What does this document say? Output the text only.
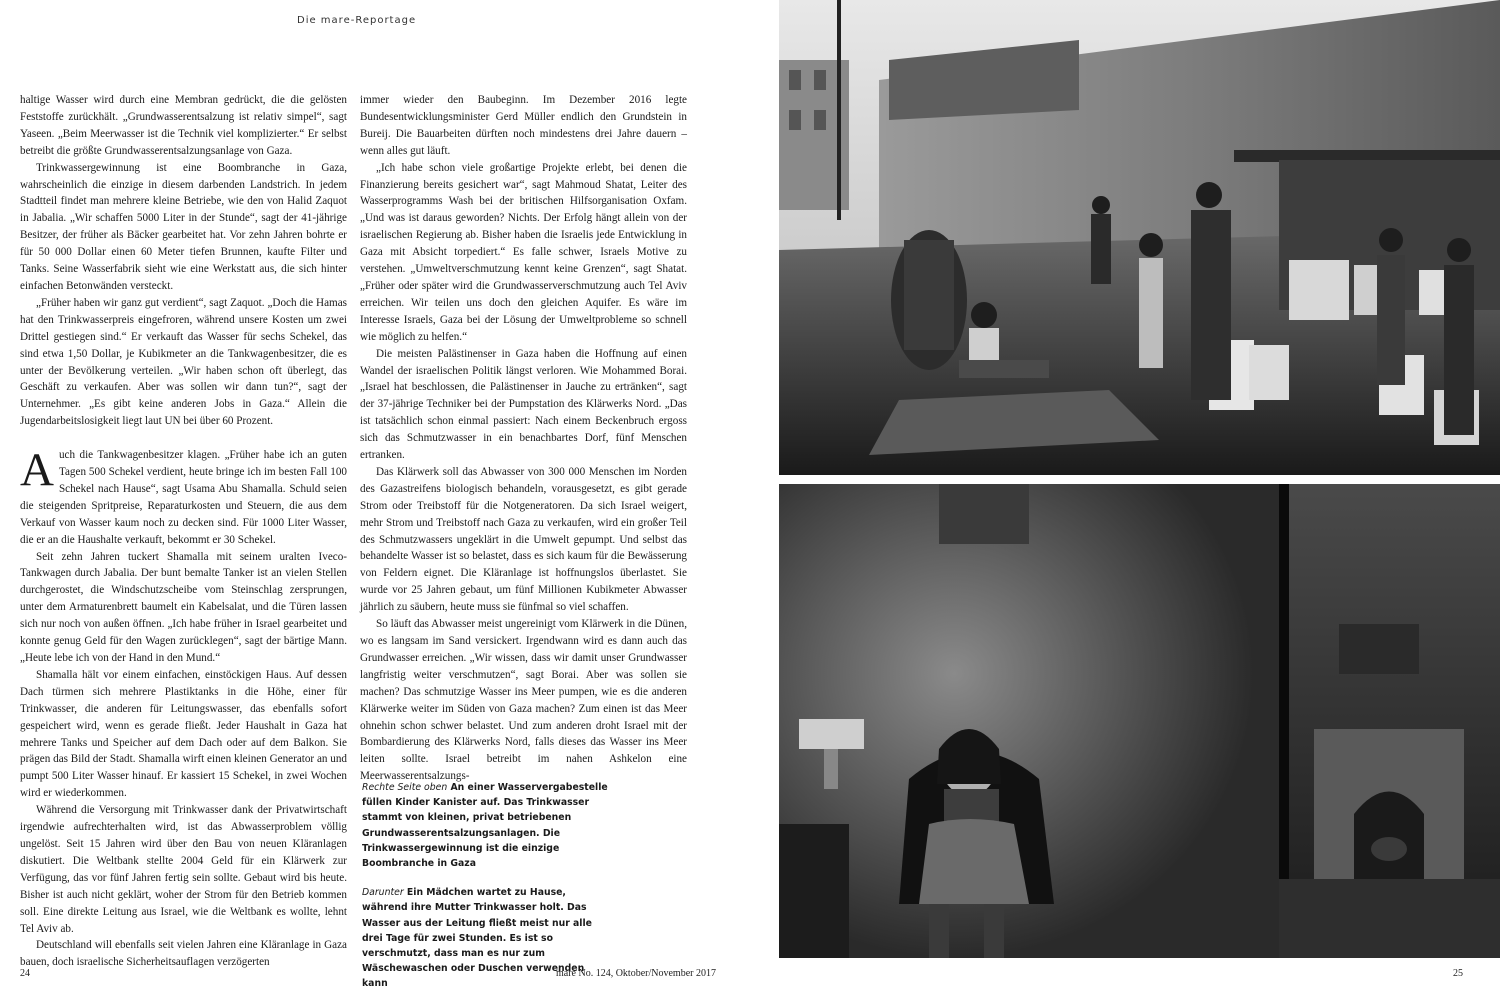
Die mare-Reportage

haltige Wasser wird durch eine Membran gedrückt, die die gelösten Feststoffe zurückhält. „Grundwasserentsalzung ist relativ simpel“, sagt Yaseen. „Beim Meerwasser ist die Technik viel komplizierter.“ Er selbst betreibt die größte Grundwasserentsalzungsanlage von Gaza.

Trinkwassergewinnung ist eine Boombranche in Gaza, wahrscheinlich die einzige in diesem darbenden Landstrich. In jedem Stadtteil findet man mehrere kleine Betriebe, wie den von Halid Zaquot in Jabalia. „Wir schaffen 5000 Liter in der Stunde“, sagt der 41-jährige Besitzer, der früher als Bäcker gearbeitet hat. Vor zehn Jahren bohrte er für 50 000 Dollar einen 60 Meter tiefen Brunnen, kaufte Filter und Tanks. Seine Wasserfabrik sieht wie eine Werkstatt aus, die sich hinter einfachen Betonwänden versteckt.

„Früher haben wir ganz gut verdient“, sagt Zaquot. „Doch die Hamas hat den Trinkwasserpreis eingefroren, während unsere Kosten um zwei Drittel gestiegen sind.“ Er verkauft das Wasser für sechs Schekel, das sind etwa 1,50 Dollar, je Kubikmeter an die Tankwagenbesitzer, die es unter der Bevölkerung verteilen. „Wir haben schon oft überlegt, das Geschäft zu verkaufen. Aber was sollen wir dann tun?“, sagt der Unternehmer. „Es gibt keine anderen Jobs in Gaza.“ Allein die Jugendarbeitslosigkeit liegt laut UN bei über 60 Prozent.

Auch die Tankwagenbesitzer klagen. „Früher habe ich an guten Tagen 500 Schekel verdient, heute bringe ich im besten Fall 100 Schekel nach Hause“, sagt Usama Abu Shamalla. Schuld seien die steigenden Spritpreise, Reparaturkosten und Steuern, die aus dem Verkauf von Wasser kaum noch zu decken sind. Für 1000 Liter Wasser, die er an die Haushalte verkauft, bekommt er 30 Schekel.

Seit zehn Jahren tuckert Shamalla mit seinem uralten Iveco-Tankwagen durch Jabalia. Der bunt bemalte Tanker ist an vielen Stellen durchgerostet, die Windschutzscheibe vom Steinschlag zersprungen, unter dem Armaturenbrett baumelt ein Kabelsalat, und die Türen lassen sich nur noch von außen öffnen. „Ich habe früher in Israel gearbeitet und konnte genug Geld für den Wagen zurücklegen“, sagt der bärtige Mann. „Heute lebe ich von der Hand in den Mund.“

Shamalla hält vor einem einfachen, einstöckigen Haus. Auf dessen Dach türmen sich mehrere Plastiktanks in die Höhe, einer für Trinkwasser, die anderen für Leitungswasser, das ebenfalls sofort gespeichert wird, wenn es gerade fließt. Jeder Haushalt in Gaza hat mehrere Tanks und Speicher auf dem Dach oder auf dem Balkon. Sie prägen das Bild der Stadt. Shamalla wirft einen kleinen Generator an und pumpt 500 Liter Wasser hinauf. Er kassiert 15 Schekel, in zwei Wochen wird er wiederkommen.

Während die Versorgung mit Trinkwasser dank der Privatwirtschaft irgendwie aufrechterhalten wird, ist das Abwasserproblem völlig ungelöst. Seit 15 Jahren wird über den Bau von neuen Kläranlagen diskutiert. Die Weltbank stellte 2004 Geld für ein Klärwerk zur Verfügung, das vor fünf Jahren fertig sein sollte. Gebaut wird bis heute. Bisher ist auch nicht geklärt, woher der Strom für den Betrieb kommen soll. Eine direkte Leitung aus Israel, wie die Weltbank es wollte, lehnt Tel Aviv ab.

Deutschland will ebenfalls seit vielen Jahren eine Kläranlage in Gaza bauen, doch israelische Sicherheitsauflagen verzögerten

immer wieder den Baubeginn. Im Dezember 2016 legte Bundesentwicklungsminister Gerd Müller endlich den Grundstein in Bureij. Die Bauarbeiten dürften noch mindestens drei Jahre dauern – wenn alles gut läuft.

„Ich habe schon viele großartige Projekte erlebt, bei denen die Finanzierung bereits gesichert war“, sagt Mahmoud Shatat, Leiter des Wasserprogramms Wash bei der britischen Hilfsorganisation Oxfam. „Und was ist daraus geworden? Nichts. Der Erfolg hängt allein von der israelischen Regierung ab. Bisher haben die Israelis jede Entwicklung in Gaza mit Absicht torpediert.“ Es falle schwer, Israels Motive zu verstehen. „Umweltverschmutzung kennt keine Grenzen“, sagt Shatat. „Früher oder später wird die Grundwasserverschmutzung auch Tel Aviv erreichen. Wir teilen uns doch den gleichen Aquifer. Es wäre im Interesse Israels, Gaza bei der Lösung der Umweltprobleme so schnell wie möglich zu helfen.“

Die meisten Palästinenser in Gaza haben die Hoffnung auf einen Wandel der israelischen Politik längst verloren. Wie Mohammed Borai. „Israel hat beschlossen, die Palästinenser in Jauche zu ertränken“, sagt der 37-jährige Techniker bei der Pumpstation des Klärwerks Nord. „Das ist tatsächlich schon einmal passiert: Nach einem Beckenbruch ergoss sich das Schmutzwasser in ein benachbartes Dorf, fünf Menschen ertranken.

Das Klärwerk soll das Abwasser von 300 000 Menschen im Norden des Gazastreifens biologisch behandeln, vorausgesetzt, es gibt gerade Strom oder Treibstoff für die Notgeneratoren. Da sich Israel weigert, mehr Strom und Treibstoff nach Gaza zu verkaufen, wird ein großer Teil des Schmutzwassers ungeklärt in die Umwelt gepumpt. Und selbst das behandelte Wasser ist so belastet, dass es sich kaum für die Bewässerung von Feldern eignet. Die Kläranlage ist hoffnungslos überlastet. Sie wurde vor 25 Jahren gebaut, um fünf Millionen Kubikmeter Abwasser jährlich zu säubern, heute muss sie fünfmal so viel schaffen.

So läuft das Abwasser meist ungereinigt vom Klärwerk in die Dünen, wo es langsam im Sand versickert. Irgendwann wird es dann auch das Grundwasser erreichen. „Wir wissen, dass wir damit unser Grundwasser langfristig weiter verschmutzen“, sagt Borai. Aber was sollen sie machen? Das schmutzige Wasser ins Meer pumpen, wie es die anderen Klärwerke weiter im Süden von Gaza machen? Zum einen ist das Meer ohnehin schon schwer belastet. Und zum anderen droht Israel mit der Bombardierung des Klärwerks Nord, falls dieses das Wasser ins Meer leiten sollte. Israel betreibt im nahen Ashkelon eine Meerwasserentsalzungs-

Rechte Seite oben An einer Wasservergabestelle füllen Kinder Kanister auf. Das Trinkwasser stammt von kleinen, privat betriebenen Grundwasserentsalzungsanlagen. Die Trinkwassergewinnung ist die einzige Boombranche in Gaza

Darunter Ein Mädchen wartet zu Hause, während ihre Mutter Trinkwasser holt. Das Wasser aus der Leitung fließt meist nur alle drei Tage für zwei Stunden. Es ist so verschmutzt, dass man es nur zum Wäschewaschen oder Duschen verwenden kann

24	mare No. 124, Oktober/November 2017	25
